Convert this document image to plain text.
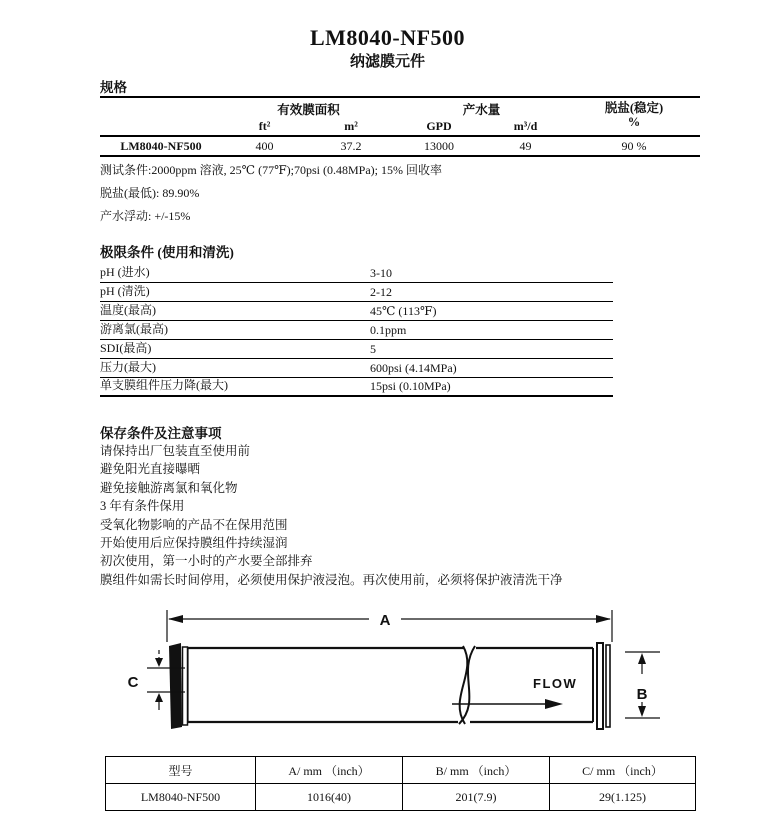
LM8040-NF500
纳滤膜元件
规格
有效膜面积	产水量	脱盐(稳定)
%
ft²	m²	GPD	m³/d
LM8040-NF500	400	37.2	13000	49	90 %
测试条件:2000ppm 溶液, 25℃ (77℉);70psi (0.48MPa); 15% 回收率
脱盐(最低): 89.90%
产水浮动: +/-15%
极限条件 (使用和清洗)
pH (进水)	3-10
pH (清洗)	2-12
温度(最高)	45℃ (113℉)
游离氯(最高)	0.1ppm
SDI(最高)	5
压力(最大)	600psi (4.14MPa)
单支膜组件压力降(最大)	15psi (0.10MPa)
保存条件及注意事项
请保持出厂包装直至使用前
避免阳光直接曝晒
避免接触游离氯和氧化物
3 年有条件保用
受氧化物影响的产品不在保用范围
开始使用后应保持膜组件持续湿润
初次使用，第一小时的产水要全部排弃
膜组件如需长时间停用，必须使用保护液浸泡。再次使用前，必须将保护液清洗干净
A
FLOW
B
C
型号	A/ mm （inch）	B/ mm （inch）	C/ mm （inch）
LM8040-NF500	1016(40)	201(7.9)	29(1.125)
